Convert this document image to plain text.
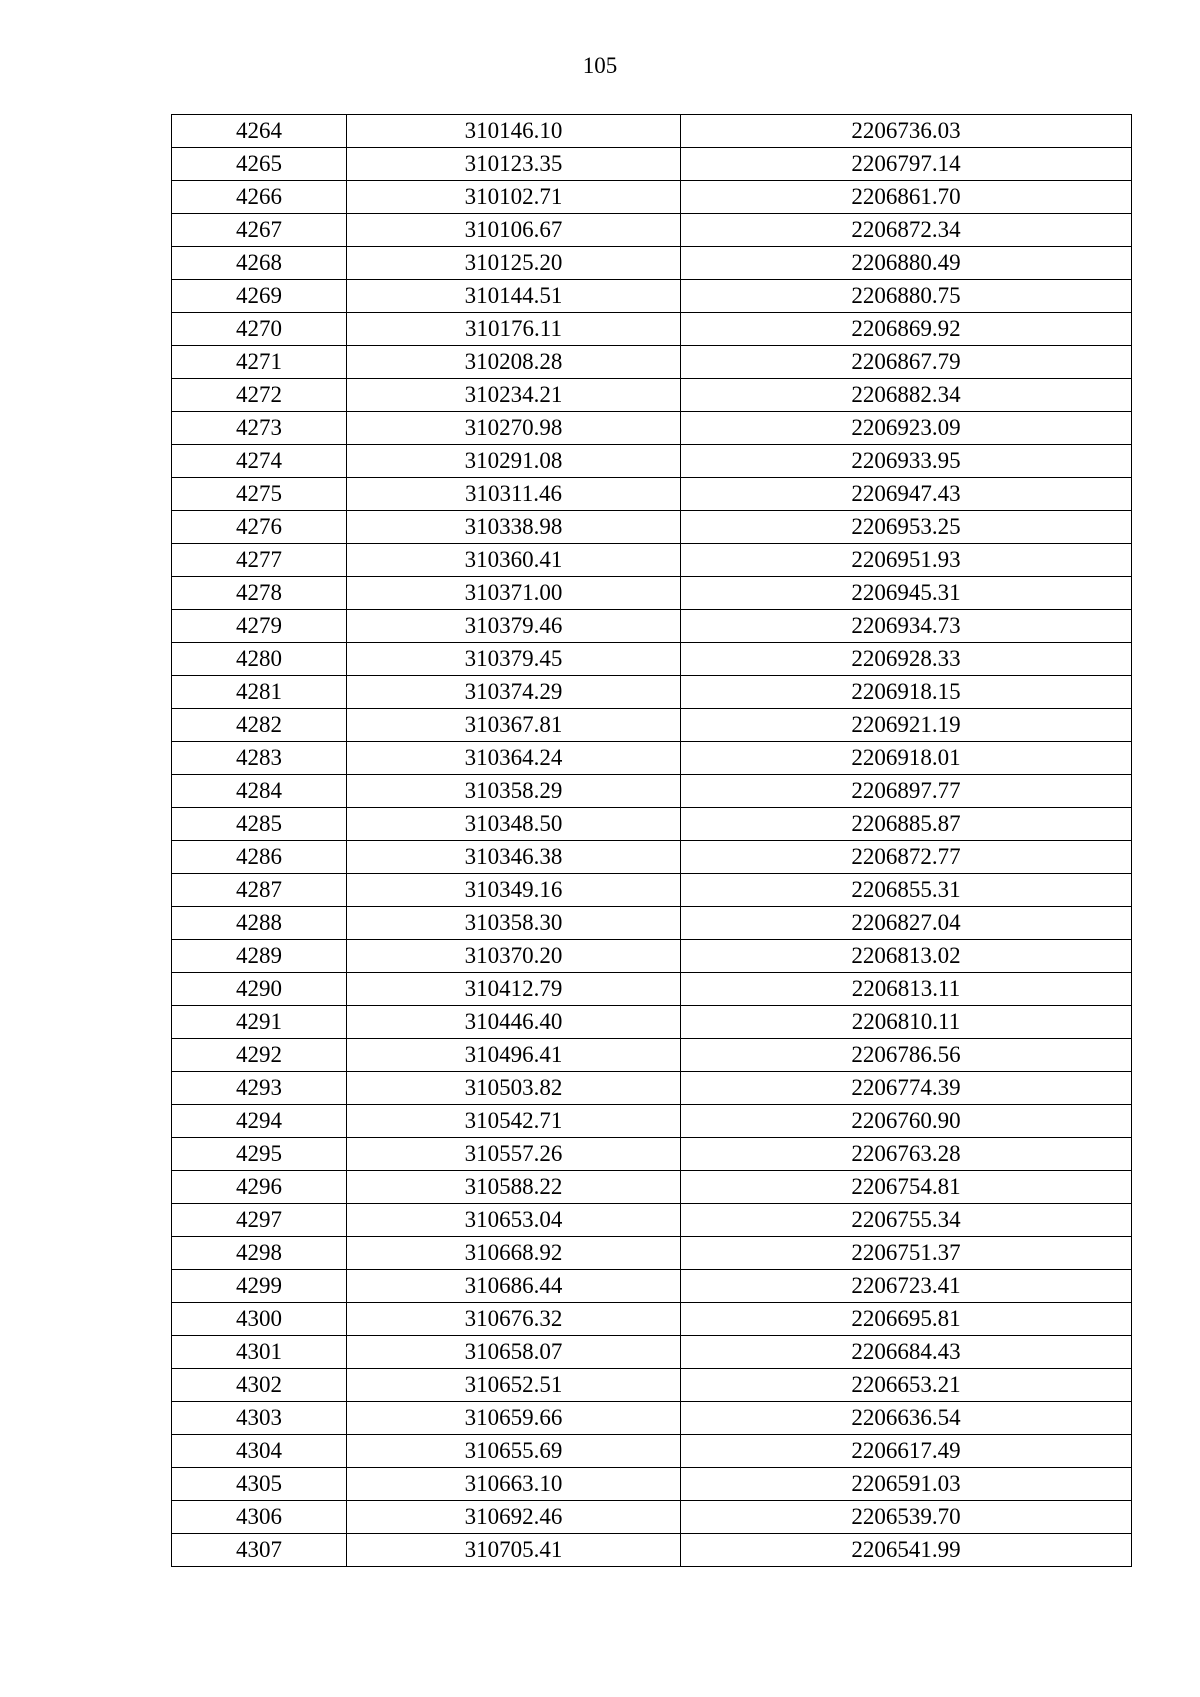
105
4264	310146.10	2206736.03
4265	310123.35	2206797.14
4266	310102.71	2206861.70
4267	310106.67	2206872.34
4268	310125.20	2206880.49
4269	310144.51	2206880.75
4270	310176.11	2206869.92
4271	310208.28	2206867.79
4272	310234.21	2206882.34
4273	310270.98	2206923.09
4274	310291.08	2206933.95
4275	310311.46	2206947.43
4276	310338.98	2206953.25
4277	310360.41	2206951.93
4278	310371.00	2206945.31
4279	310379.46	2206934.73
4280	310379.45	2206928.33
4281	310374.29	2206918.15
4282	310367.81	2206921.19
4283	310364.24	2206918.01
4284	310358.29	2206897.77
4285	310348.50	2206885.87
4286	310346.38	2206872.77
4287	310349.16	2206855.31
4288	310358.30	2206827.04
4289	310370.20	2206813.02
4290	310412.79	2206813.11
4291	310446.40	2206810.11
4292	310496.41	2206786.56
4293	310503.82	2206774.39
4294	310542.71	2206760.90
4295	310557.26	2206763.28
4296	310588.22	2206754.81
4297	310653.04	2206755.34
4298	310668.92	2206751.37
4299	310686.44	2206723.41
4300	310676.32	2206695.81
4301	310658.07	2206684.43
4302	310652.51	2206653.21
4303	310659.66	2206636.54
4304	310655.69	2206617.49
4305	310663.10	2206591.03
4306	310692.46	2206539.70
4307	310705.41	2206541.99
